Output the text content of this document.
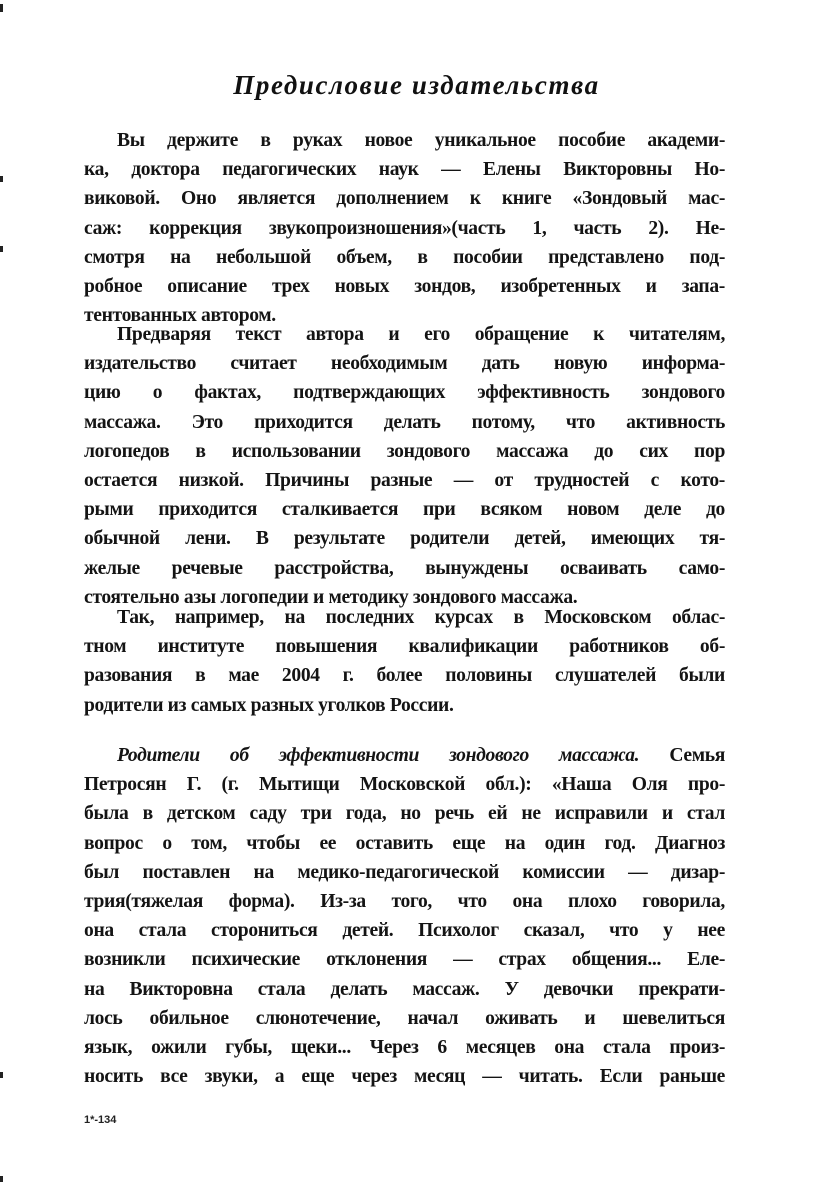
Предисловие издательства
Вы держите в руках новое уникальное пособие академи-
ка, доктора педагогических наук — Елены Викторовны Но-
виковой. Оно является дополнением к книге «Зондовый мас-
саж: коррекция звукопроизношения»(часть 1, часть 2). Не-
смотря на небольшой объем, в пособии представлено под-
робное описание трех новых зондов, изобретенных и запа-
тентованных автором.
Предваряя текст автора и его обращение к читателям,
издательство считает необходимым дать новую информа-
цию о фактах, подтверждающих эффективность зондового
массажа. Это приходится делать потому, что активность
логопедов в использовании зондового массажа до сих пор
остается низкой. Причины разные — от трудностей с кото-
рыми приходится сталкивается при всяком новом деле до
обычной лени. В результате родители детей, имеющих тя-
желые речевые расстройства, вынуждены осваивать само-
стоятельно азы логопедии и методику зондового массажа.
Так, например, на последних курсах в Московском облас-
тном институте повышения квалификации работников об-
разования в мае 2004 г. более половины слушателей были
родители из самых разных уголков России.
Родители об эффективности зондового массажа. Семья
Петросян Г. (г. Мытищи Московской обл.): «Наша Оля про-
была в детском саду три года, но речь ей не исправили и стал
вопрос о том, чтобы ее оставить еще на один год. Диагноз
был поставлен на медико-педагогической комиссии — дизар-
трия(тяжелая форма). Из-за того, что она плохо говорила,
она стала сторониться детей. Психолог сказал, что у нее
возникли психические отклонения — страх общения... Еле-
на Викторовна стала делать массаж. У девочки прекрати-
лось обильное слюнотечение, начал оживать и шевелиться
язык, ожили губы, щеки... Через 6 месяцев она стала произ-
носить все звуки, а еще через месяц — читать. Если раньше
1*-134
